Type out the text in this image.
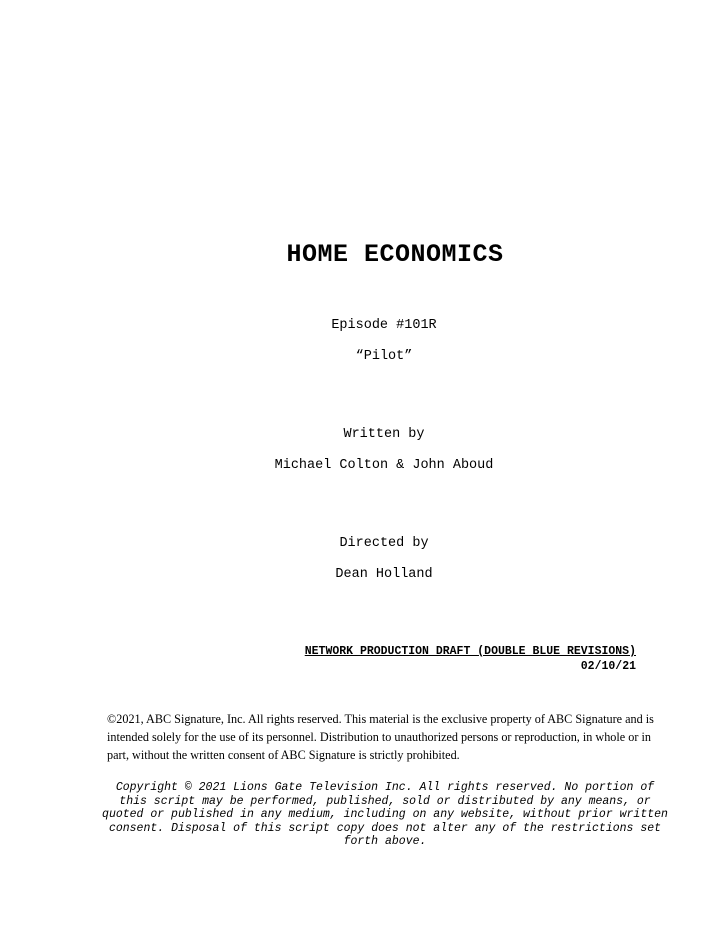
HOME ECONOMICS
Episode #101R
“Pilot”
Written by
Michael Colton & John Aboud
Directed by
Dean Holland
NETWORK PRODUCTION DRAFT (DOUBLE BLUE REVISIONS)
02/10/21
©2021, ABC Signature, Inc. All rights reserved. This material is the exclusive property of ABC Signature and is intended solely for the use of its personnel. Distribution to unauthorized persons or reproduction, in whole or in part, without the written consent of ABC Signature is strictly prohibited.
Copyright © 2021 Lions Gate Television Inc. All rights reserved. No portion of this script may be performed, published, sold or distributed by any means, or quoted or published in any medium, including on any website, without prior written consent. Disposal of this script copy does not alter any of the restrictions set forth above.
